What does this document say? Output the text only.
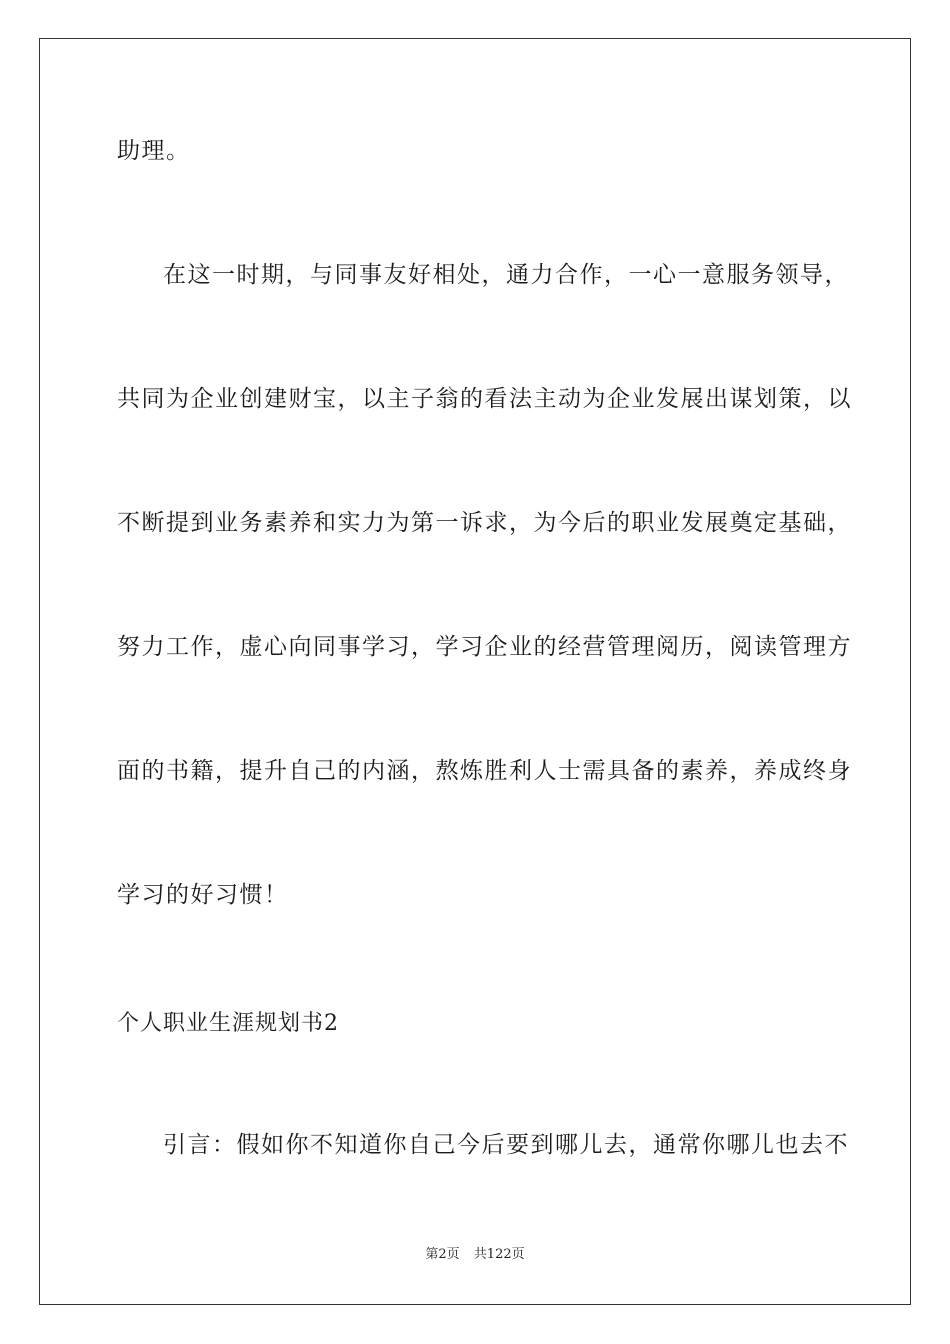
助理。
在这一时期，与同事友好相处，通力合作，一心一意服务领导，
共同为企业创建财宝，以主子翁的看法主动为企业发展出谋划策，以
不断提到业务素养和实力为第一诉求，为今后的职业发展奠定基础，
努力工作，虚心向同事学习，学习企业的经营管理阅历，阅读管理方
面的书籍，提升自己的内涵，熬炼胜利人士需具备的素养，养成终身
学习的好习惯！
个人职业生涯规划书2
引言：假如你不知道你自己今后要到哪儿去，通常你哪儿也去不
第2页 共122页
